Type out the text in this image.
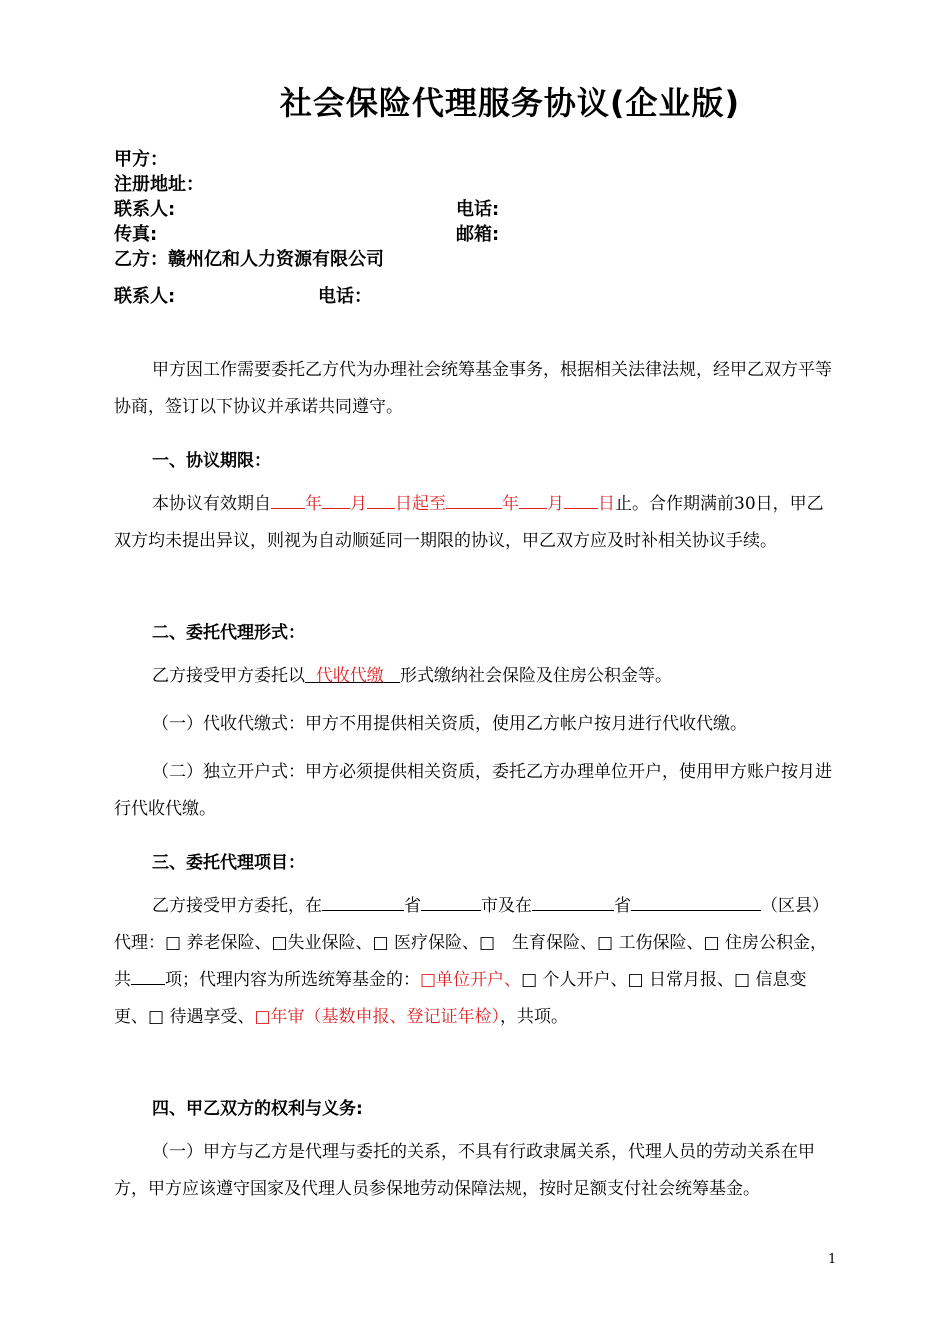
社会保险代理服务协议(企业版)
甲方：
注册地址：
联系人:	电话:
传真:	邮箱:
乙方：赣州亿和人力资源有限公司
联系人:	电话：

甲方因工作需要委托乙方代为办理社会统筹基金事务，根据相关法律法规，经甲乙双方平等协商，签订以下协议并承诺共同遵守。

一、协议期限：

本协议有效期自 年 月 日起至	年 月 日止。合作期满前30日，甲乙双方均未提出异议，则视为自动顺延同一期限的协议，甲乙双方应及时补相关协议手续。

二、委托代理形式：

乙方接受甲方委托以 代收代缴 形式缴纳社会保险及住房公积金等。

（一）代收代缴式：甲方不用提供相关资质，使用乙方帐户按月进行代收代缴。

（二）独立开户式：甲方必须提供相关资质，委托乙方办理单位开户，使用甲方账户按月进行代收代缴。

三、委托代理项目：

乙方接受甲方委托，在	省	市及在	省	（区县）代理：□ 养老保险、□失业保险、□ 医疗保险、□　生育保险、□ 工伤保险、□ 住房公积金，共 项；代理内容为所选统筹基金的：□单位开户、□ 个人开户、□ 日常月报、□ 信息变更、□ 待遇享受、□年审（基数申报、登记证年检），共项。

四、甲乙双方的权利与义务:

（一）甲方与乙方是代理与委托的关系，不具有行政隶属关系，代理人员的劳动关系在甲方，甲方应该遵守国家及代理人员参保地劳动保障法规，按时足额支付社会统筹基金。

1
